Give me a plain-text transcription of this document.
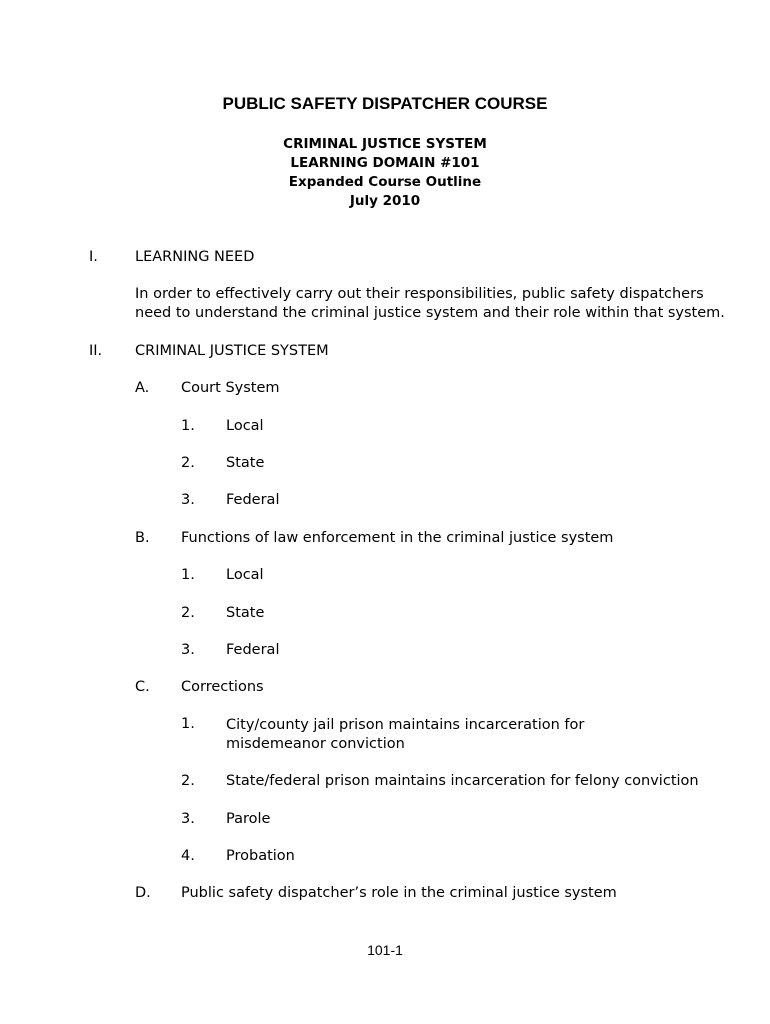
PUBLIC SAFETY DISPATCHER COURSE
CRIMINAL JUSTICE SYSTEM
LEARNING DOMAIN #101
Expanded Course Outline
July 2010
I.	LEARNING NEED
In order to effectively carry out their responsibilities, public safety dispatchers
need to understand the criminal justice system and their role within that system.
II. CRIMINAL JUSTICE SYSTEM
A. Court System
1. Local
2. State
3. Federal
B. Functions of law enforcement in the criminal justice system
1. Local
2. State
3. Federal
C. Corrections
1. City/county jail prison maintains incarceration for misdemeanor conviction
2. State/federal prison maintains incarceration for felony conviction
3. Parole
4. Probation
D. Public safety dispatcher’s role in the criminal justice system
101-1
